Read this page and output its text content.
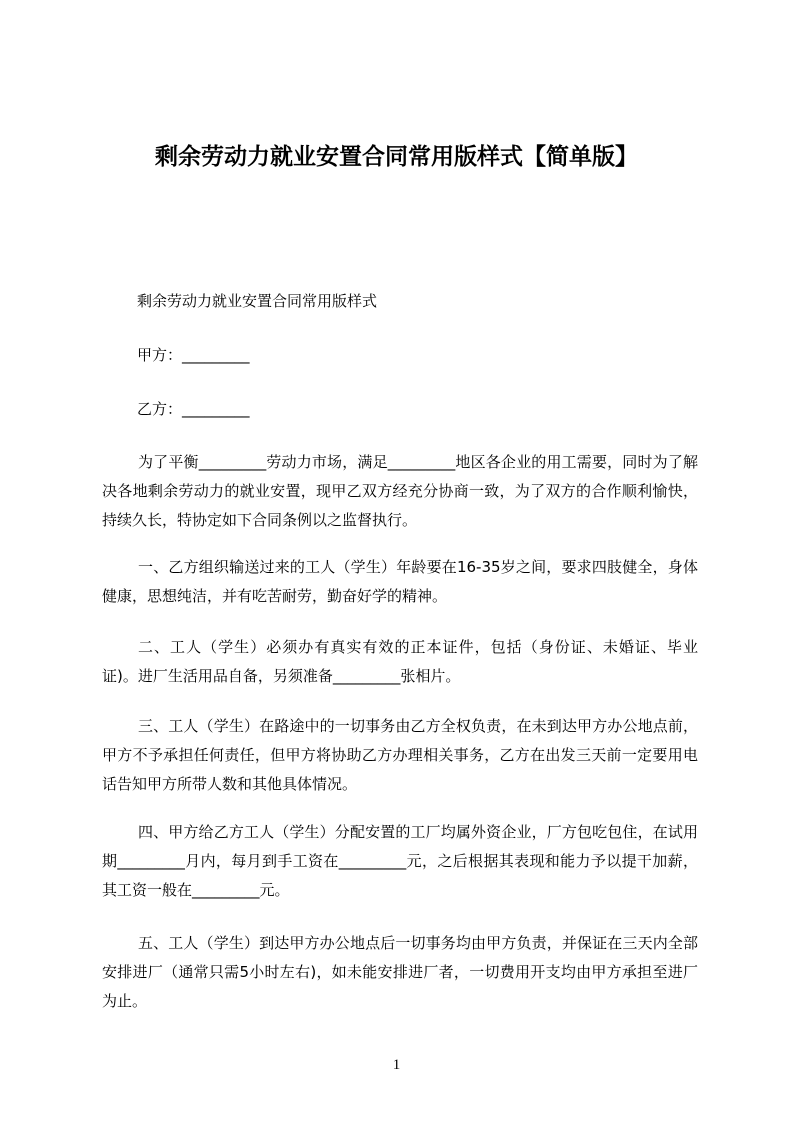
剩余劳动力就业安置合同常用版样式【简单版】

剩余劳动力就业安置合同常用版样式

甲方：_________

乙方：_________

为了平衡_________劳动力市场，满足_________地区各企业的用工需要，同时为了解决各地剩余劳动力的就业安置，现甲乙双方经充分协商一致，为了双方的合作顺利愉快，持续久长，特协定如下合同条例以之监督执行。

一、乙方组织输送过来的工人（学生）年龄要在16-35岁之间，要求四肢健全，身体健康，思想纯洁，并有吃苦耐劳，勤奋好学的精神。

二、工人（学生）必须办有真实有效的正本证件，包括（身份证、未婚证、毕业证)。进厂生活用品自备，另须准备_________张相片。

三、工人（学生）在路途中的一切事务由乙方全权负责，在未到达甲方办公地点前，甲方不予承担任何责任，但甲方将协助乙方办理相关事务，乙方在出发三天前一定要用电话告知甲方所带人数和其他具体情况。

四、甲方给乙方工人（学生）分配安置的工厂均属外资企业，厂方包吃包住，在试用期_________月内，每月到手工资在_________元，之后根据其表现和能力予以提干加薪，其工资一般在_________元。

五、工人（学生）到达甲方办公地点后一切事务均由甲方负责，并保证在三天内全部安排进厂（通常只需5小时左右)，如未能安排进厂者，一切费用开支均由甲方承担至进厂为止。

1
